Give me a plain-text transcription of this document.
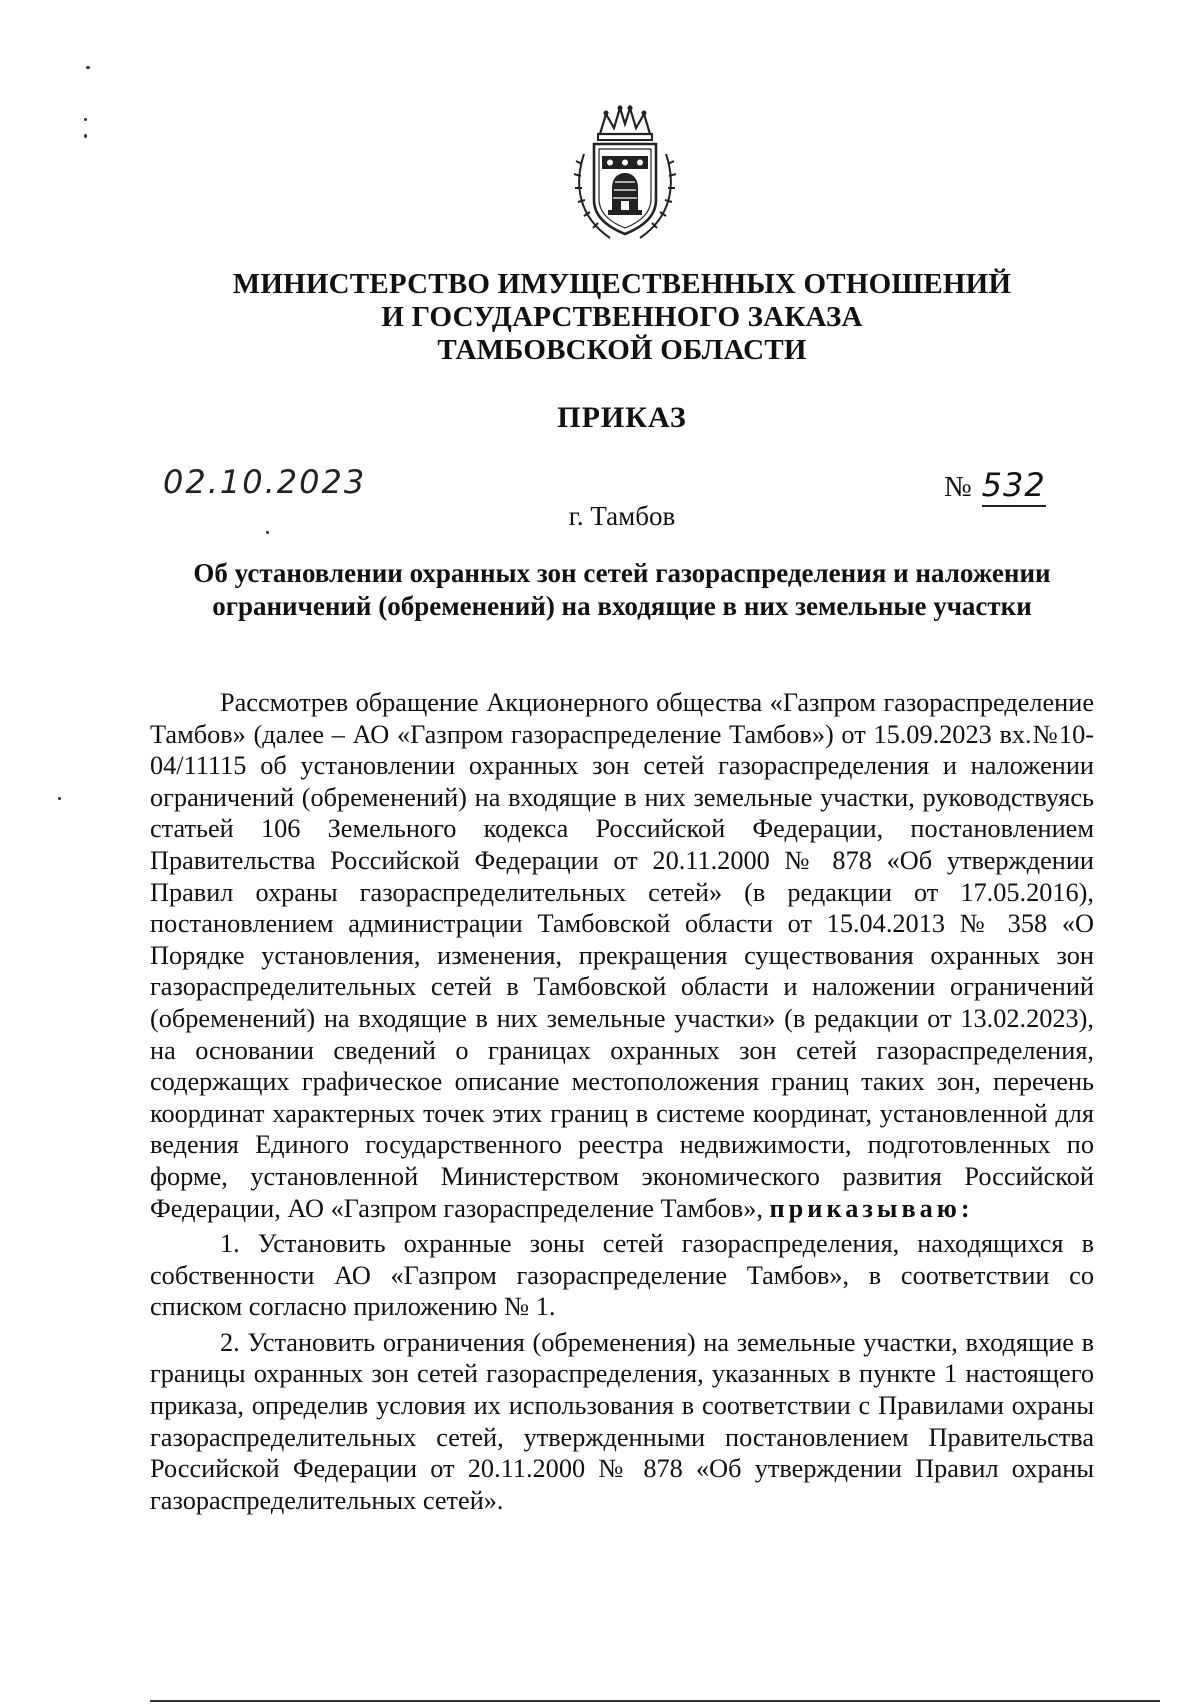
МИНИСТЕРСТВО ИМУЩЕСТВЕННЫХ ОТНОШЕНИЙ
И ГОСУДАРСТВЕННОГО ЗАКАЗА
ТАМБОВСКОЙ ОБЛАСТИ
ПРИКАЗ
02.10.2023	№ 532
г. Тамбов
Об установлении охранных зон сетей газораспределения и наложении
ограничений (обременений) на входящие в них земельные участки

Рассмотрев обращение Акционерного общества «Газпром газораспределение Тамбов» (далее – АО «Газпром газораспределение Тамбов») от 15.09.2023 вх.№10-04/11115 об установлении охранных зон сетей газораспределения и наложении ограничений (обременений) на входящие в них земельные участки, руководствуясь статьей 106 Земельного кодекса Российской Федерации, постановлением Правительства Российской Федерации от 20.11.2000 № 878 «Об утверждении Правил охраны газораспределительных сетей» (в редакции от 17.05.2016), постановлением администрации Тамбовской области от 15.04.2013 № 358 «О Порядке установления, изменения, прекращения существования охранных зон газораспределительных сетей в Тамбовской области и наложении ограничений (обременений) на входящие в них земельные участки» (в редакции от 13.02.2023), на основании сведений о границах охранных зон сетей газораспределения, содержащих графическое описание местоположения границ таких зон, перечень координат характерных точек этих границ в системе координат, установленной для ведения Единого государственного реестра недвижимости, подготовленных по форме, установленной Министерством экономического развития Российской Федерации, АО «Газпром газораспределение Тамбов», приказываю:

1. Установить охранные зоны сетей газораспределения, находящихся в собственности АО «Газпром газораспределение Тамбов», в соответствии со списком согласно приложению № 1.

2. Установить ограничения (обременения) на земельные участки, входящие в границы охранных зон сетей газораспределения, указанных в пункте 1 настоящего приказа, определив условия их использования в соответствии с Правилами охраны газораспределительных сетей, утвержденными постановлением Правительства Российской Федерации от 20.11.2000 № 878 «Об утверждении Правил охраны газораспределительных сетей».
